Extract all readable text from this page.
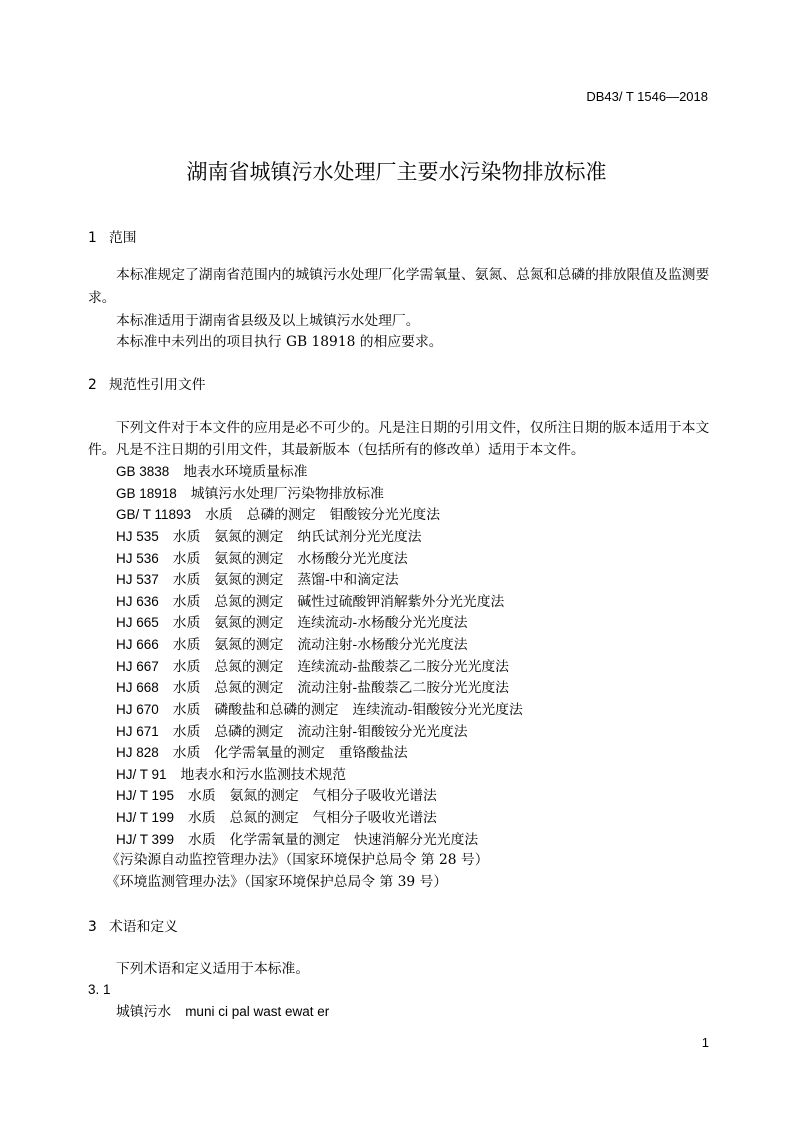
DB43/ T 1546—2018
湖南省城镇污水处理厂主要水污染物排放标准
1 范围
本标准规定了湖南省范围内的城镇污水处理厂化学需氧量、氨氮、总氮和总磷的排放限值及监测要
求。
本标准适用于湖南省县级及以上城镇污水处理厂。
本标准中未列出的项目执行 GB 18918 的相应要求。
2 规范性引用文件
下列文件对于本文件的应用是必不可少的。凡是注日期的引用文件，仅所注日期的版本适用于本文
件。凡是不注日期的引用文件，其最新版本（包括所有的修改单）适用于本文件。
GB 3838 地表水环境质量标准
GB 18918 城镇污水处理厂污染物排放标准
GB/ T 11893 水质 总磷的测定 钼酸铵分光光度法
HJ 535 水质 氨氮的测定 纳氏试剂分光光度法
HJ 536 水质 氨氮的测定 水杨酸分光光度法
HJ 537 水质 氨氮的测定 蒸馏-中和滴定法
HJ 636 水质 总氮的测定 碱性过硫酸钾消解紫外分光光度法
HJ 665 水质 氨氮的测定 连续流动-水杨酸分光光度法
HJ 666 水质 氨氮的测定 流动注射-水杨酸分光光度法
HJ 667 水质 总氮的测定 连续流动-盐酸萘乙二胺分光光度法
HJ 668 水质 总氮的测定 流动注射-盐酸萘乙二胺分光光度法
HJ 670 水质 磷酸盐和总磷的测定 连续流动-钼酸铵分光光度法
HJ 671 水质 总磷的测定 流动注射-钼酸铵分光光度法
HJ 828 水质 化学需氧量的测定 重铬酸盐法
HJ/ T 91 地表水和污水监测技术规范
HJ/ T 195 水质 氨氮的测定 气相分子吸收光谱法
HJ/ T 199 水质 总氮的测定 气相分子吸收光谱法
HJ/ T 399 水质 化学需氧量的测定 快速消解分光光度法
《污染源自动监控管理办法》（国家环境保护总局令 第 28 号）
《环境监测管理办法》（国家环境保护总局令 第 39 号）
3 术语和定义
下列术语和定义适用于本标准。
3. 1
城镇污水 muni ci pal wast ewat er
1
